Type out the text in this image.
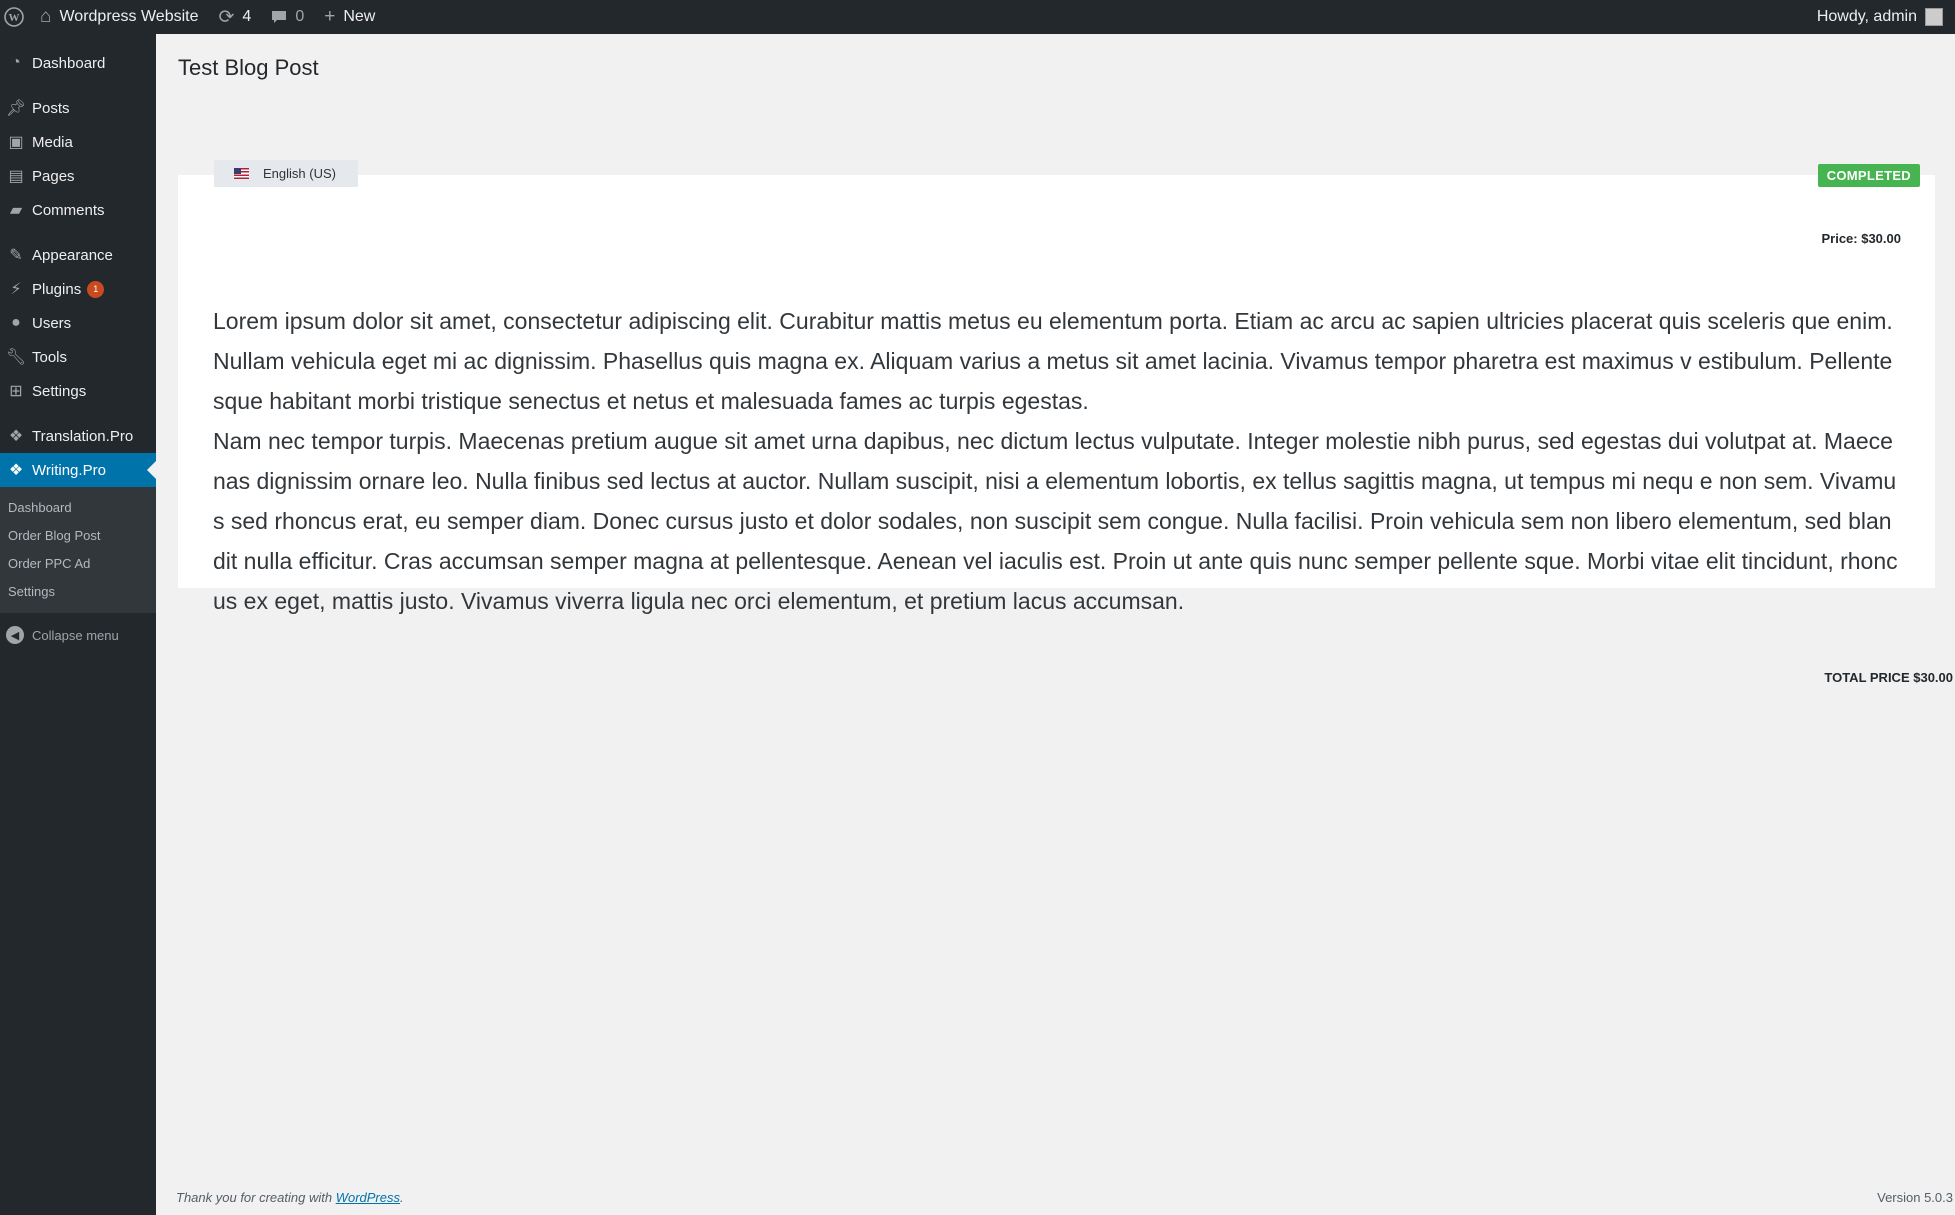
W ⌂ Wordpress Website ⟳ 4	0 + New	Howdy, admin
◔ Dashboard
📌︎ Posts
▣ Media
▤ Pages
▰ Comments
✎ Appearance
⚡︎ Plugins	1
● Users
🔧︎ Tools
⊞ Settings
❖ Translation.Pro
❖ Writing.Pro
Dashboard
Order Blog Post
Order PPC Ad
Settings
◀ Collapse menu
Test Blog Post
Price: $30.00

Lorem ipsum dolor sit amet, consectetur adipiscing elit. Curabitur mattis metus eu elementum porta. Etiam ac arcu ac sapien ultricies placerat quis sceleris que enim. Nullam vehicula eget mi ac dignissim. Phasellus quis magna ex. Aliquam varius a metus sit amet lacinia. Vivamus tempor pharetra est maximus v estibulum. Pellentesque habitant morbi tristique senectus et netus et malesuada fames ac turpis egestas.

Nam nec tempor turpis. Maecenas pretium augue sit amet urna dapibus, nec dictum lectus vulputate. Integer molestie nibh purus, sed egestas dui volutpat at. Maecenas dignissim ornare leo. Nulla finibus sed lectus at auctor. Nullam suscipit, nisi a elementum lobortis, ex tellus sagittis magna, ut tempus mi nequ e non sem. Vivamus sed rhoncus erat, eu semper diam. Donec cursus justo et dolor sodales, non suscipit sem congue. Nulla facilisi. Proin vehicula sem non libero elementum, sed blandit nulla efficitur. Cras accumsan semper magna at pellentesque. Aenean vel iaculis est. Proin ut ante quis nunc semper pellente sque. Morbi vitae elit tincidunt, rhoncus ex eget, mattis justo. Vivamus viverra ligula nec orci elementum, et pretium lacus accumsan.

English (US)	COMPLETED
TOTAL PRICE $30.00
Thank you for creating with WordPress.	Version 5.0.3
